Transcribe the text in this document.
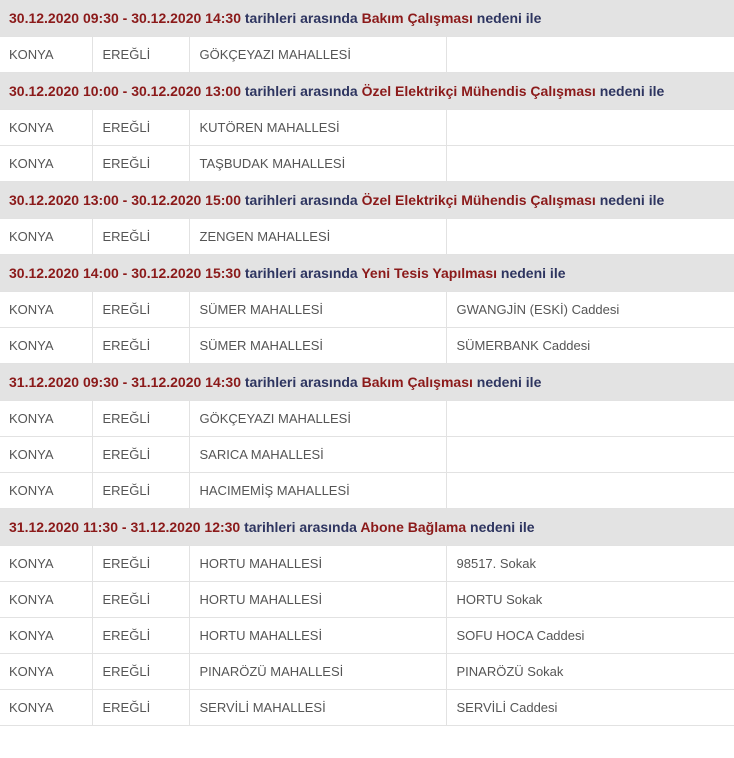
30.12.2020 09:30 - 30.12.2020 14:30 tarihleri arasında Bakım Çalışması nedeni ile			
KONYA	EREĞLİ	GÖKÇEYAZI MAHALLESİ	
30.12.2020 10:00 - 30.12.2020 13:00 tarihleri arasında Özel Elektrikçi Mühendis Çalışması nedeni ile			
KONYA	EREĞLİ	KUTÖREN MAHALLESİ	
KONYA	EREĞLİ	TAŞBUDAK MAHALLESİ	
30.12.2020 13:00 - 30.12.2020 15:00 tarihleri arasında Özel Elektrikçi Mühendis Çalışması nedeni ile			
KONYA	EREĞLİ	ZENGEN MAHALLESİ	
30.12.2020 14:00 - 30.12.2020 15:30 tarihleri arasında Yeni Tesis Yapılması nedeni ile			
KONYA	EREĞLİ	SÜMER MAHALLESİ	GWANGJİN (ESKİ) Caddesi
KONYA	EREĞLİ	SÜMER MAHALLESİ	SÜMERBANK Caddesi
31.12.2020 09:30 - 31.12.2020 14:30 tarihleri arasında Bakım Çalışması nedeni ile			
KONYA	EREĞLİ	GÖKÇEYAZI MAHALLESİ	
KONYA	EREĞLİ	SARICA MAHALLESİ	
KONYA	EREĞLİ	HACIMEMİŞ MAHALLESİ	
31.12.2020 11:30 - 31.12.2020 12:30 tarihleri arasında Abone Bağlama nedeni ile			
KONYA	EREĞLİ	HORTU MAHALLESİ	98517. Sokak
KONYA	EREĞLİ	HORTU MAHALLESİ	HORTU Sokak
KONYA	EREĞLİ	HORTU MAHALLESİ	SOFU HOCA Caddesi
KONYA	EREĞLİ	PINARÖZÜ MAHALLESİ	PINARÖZÜ Sokak
KONYA	EREĞLİ	SERVİLİ MAHALLESİ	SERVİLİ Caddesi
